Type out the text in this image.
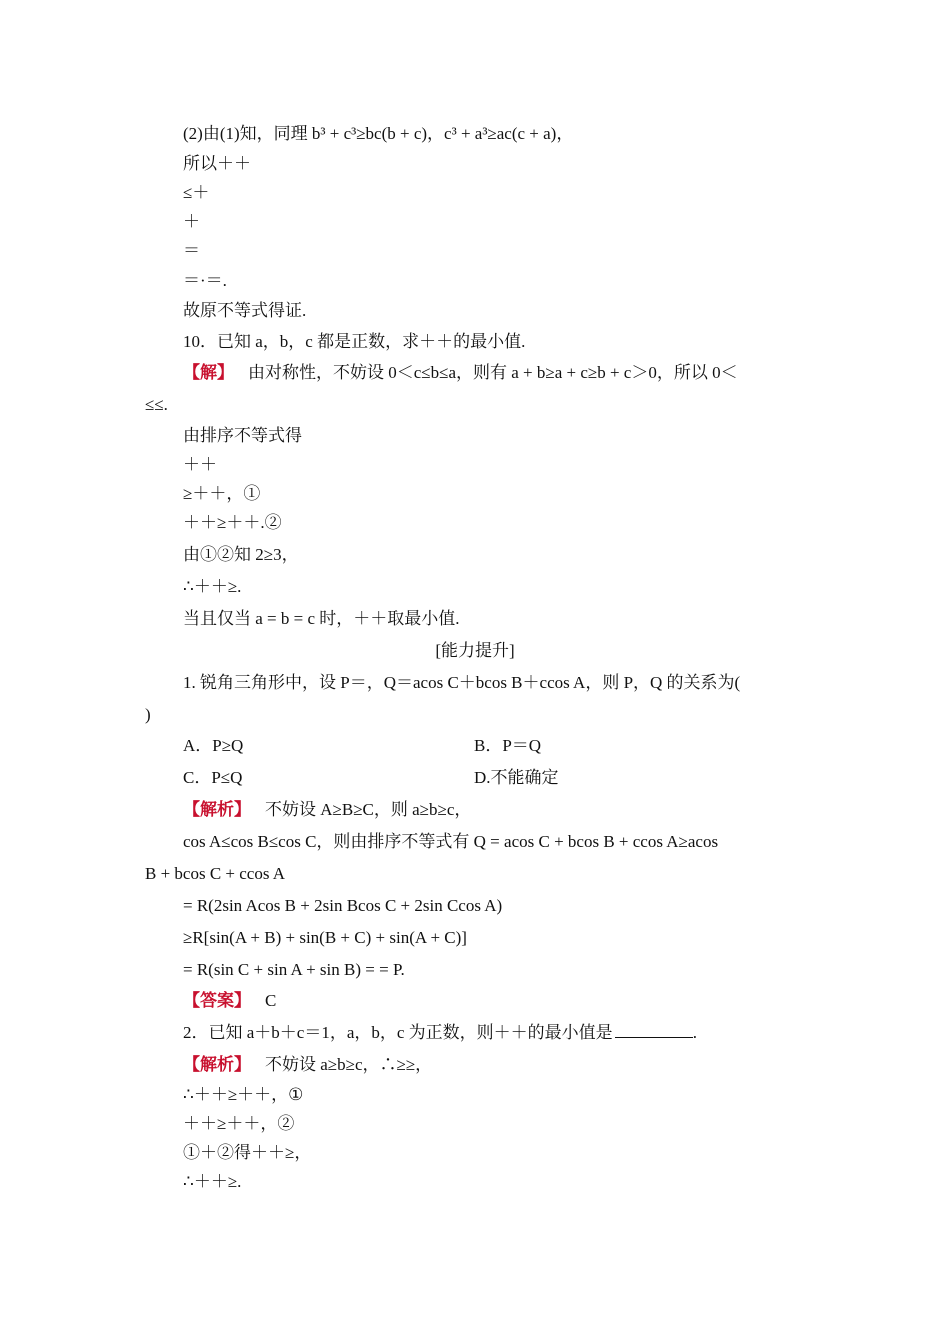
(2)由(1)知，同理 b³ + c³≥bc(b + c)，c³ + a³≥ac(c + a)，
所以＋＋
≤＋
＋
＝
＝·＝.
故原不等式得证.
10．已知 a，b，c 都是正数，求＋＋的最小值.
【解】 由对称性，不妨设 0＜c≤b≤a，则有 a + b≥a + c≥b + c＞0，所以 0＜
≤≤.
由排序不等式得
＋＋
≥＋＋，①
＋＋≥＋＋.②
由①②知 2≥3，
∴＋＋≥.
当且仅当 a = b = c 时，＋＋取最小值.
[能力提升]
1. 锐角三角形中，设 P＝，Q＝acos C＋bcos B＋ccos A，则 P，Q 的关系为(
)
A．P≥Q	B．P＝Q
C．P≤Q	D.不能确定
【解析】 不妨设 A≥B≥C，则 a≥b≥c，
cos A≤cos B≤cos C，则由排序不等式有 Q = acos C + bcos B + ccos A≥acos
B + bcos C + ccos A
= R(2sin Acos B + 2sin Bcos C + 2sin Ccos A)
≥R[sin(A + B) + sin(B + C) + sin(A + C)]
= R(sin C + sin A + sin B) = = P.
【答案】 C
2．已知 a＋b＋c＝1，a，b，c 为正数，则＋＋的最小值是	.
【解析】 不妨设 a≥b≥c，∴≥≥，
∴＋＋≥＋＋，①
＋＋≥＋＋，②
①＋②得＋＋≥，
∴＋＋≥.
